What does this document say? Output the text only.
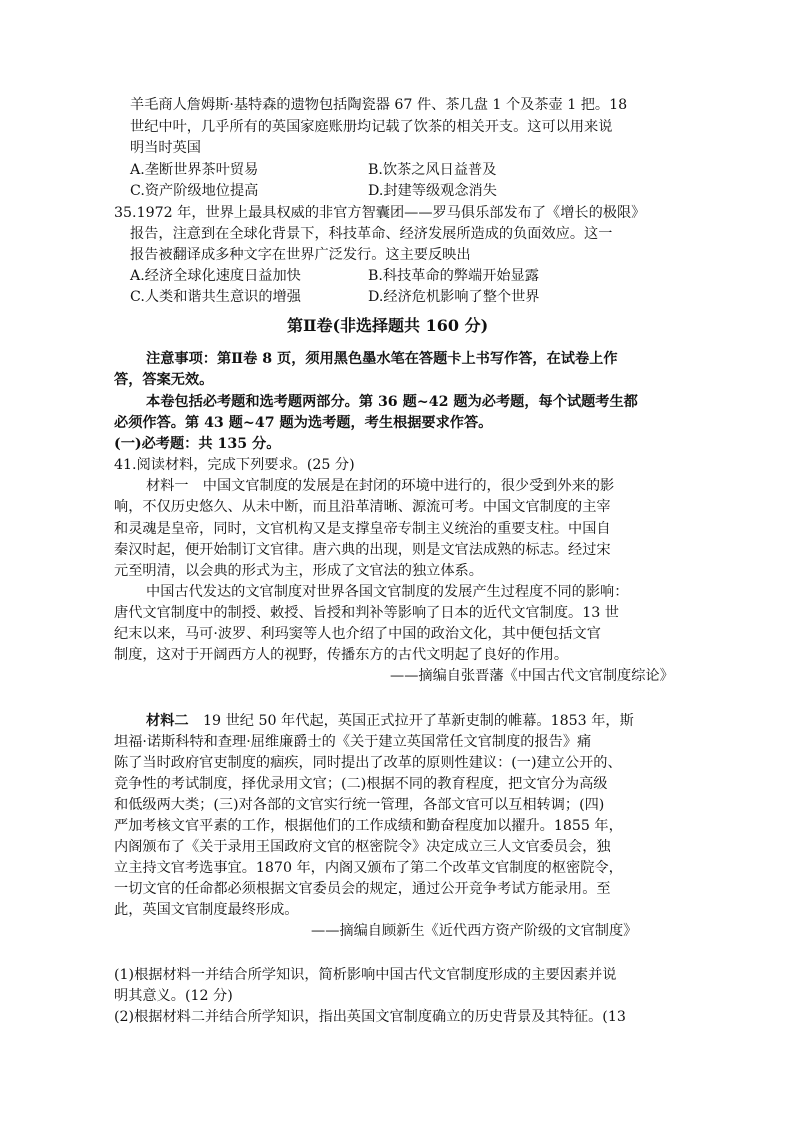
羊毛商人詹姆斯·基特森的遗物包括陶瓷器 67 件、茶几盘 1 个及茶壶 1 把。18
世纪中叶，几乎所有的英国家庭账册均记载了饮茶的相关开支。这可以用来说
明当时英国
A.垄断世界茶叶贸易	B.饮茶之风日益普及
C.资产阶级地位提高	D.封建等级观念消失
35.1972 年，世界上最具权威的非官方智囊团——罗马俱乐部发布了《增长的极限》
报告，注意到在全球化背景下，科技革命、经济发展所造成的负面效应。这一
报告被翻译成多种文字在世界广泛发行。这主要反映出
A.经济全球化速度日益加快	B.科技革命的弊端开始显露
C.人类和谐共生意识的增强	D.经济危机影响了整个世界
第Ⅱ卷(非选择题共 160 分)
注意事项：第Ⅱ卷 8 页，须用黑色墨水笔在答题卡上书写作答，在试卷上作
答，答案无效。
本卷包括必考题和选考题两部分。第 36 题~42 题为必考题，每个试题考生都
必须作答。第 43 题~47 题为选考题，考生根据要求作答。
(一)必考题：共 135 分。
41.阅读材料，完成下列要求。(25 分)
材料一　中国文官制度的发展是在封闭的环境中进行的，很少受到外来的影
响，不仅历史悠久、从未中断，而且沿革清晰、源流可考。中国文官制度的主宰
和灵魂是皇帝，同时，文官机构又是支撑皇帝专制主义统治的重要支柱。中国自
秦汉时起，便开始制订文官律。唐六典的出现，则是文官法成熟的标志。经过宋
元至明清，以会典的形式为主，形成了文官法的独立体系。
中国古代发达的文官制度对世界各国文官制度的发展产生过程度不同的影响：
唐代文官制度中的制授、敕授、旨授和判补等影响了日本的近代文官制度。13 世
纪末以来，马可·波罗、利玛窦等人也介绍了中国的政治文化，其中便包括文官
制度，这对于开阔西方人的视野，传播东方的古代文明起了良好的作用。
——摘编自张晋藩《中国古代文官制度综论》
材料二 19 世纪 50 年代起，英国正式拉开了革新吏制的帷幕。1853 年，斯
坦福·诺斯科特和查理·屈维廉爵士的《关于建立英国常任文官制度的报告》痛
陈了当时政府官吏制度的痼疾，同时提出了改革的原则性建议：(一)建立公开的、
竞争性的考试制度，择优录用文官；(二)根据不同的教育程度，把文官分为高级
和低级两大类；(三)对各部的文官实行统一管理，各部文官可以互相转调；(四)
严加考核文官平素的工作，根据他们的工作成绩和勤奋程度加以擢升。1855 年，
内阁颁布了《关于录用王国政府文官的枢密院令》决定成立三人文官委员会，独
立主持文官考选事宜。1870 年，内阁又颁布了第二个改革文官制度的枢密院令，
一切文官的任命都必须根据文官委员会的规定，通过公开竞争考试方能录用。至
此，英国文官制度最终形成。
——摘编自顾新生《近代西方资产阶级的文官制度》
(1)根据材料一并结合所学知识，简析影响中国古代文官制度形成的主要因素并说
明其意义。(12 分)
(2)根据材料二并结合所学知识，指出英国文官制度确立的历史背景及其特征。(13
